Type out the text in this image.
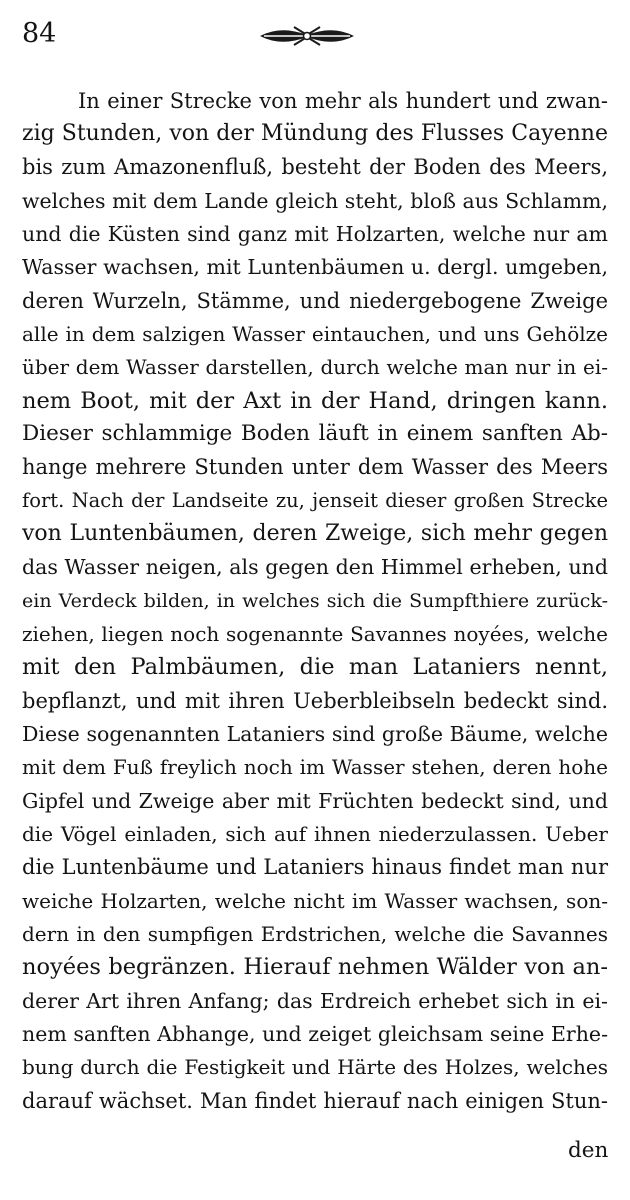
84
In einer Strecke von mehr als hundert und zwan-
zig Stunden, von der Mündung des Flusses Cayenne
bis zum Amazonenfluß, besteht der Boden des Meers,
welches mit dem Lande gleich steht, bloß aus Schlamm,
und die Küsten sind ganz mit Holzarten, welche nur am
Wasser wachsen, mit Luntenbäumen u. dergl. umgeben,
deren Wurzeln, Stämme, und niedergebogene Zweige
alle in dem salzigen Wasser eintauchen, und uns Gehölze
über dem Wasser darstellen, durch welche man nur in ei-
nem Boot, mit der Axt in der Hand, dringen kann.
Dieser schlammige Boden läuft in einem sanften Ab-
hange mehrere Stunden unter dem Wasser des Meers
fort. Nach der Landseite zu, jenseit dieser großen Strecke
von Luntenbäumen, deren Zweige, sich mehr gegen
das Wasser neigen, als gegen den Himmel erheben, und
ein Verdeck bilden, in welches sich die Sumpfthiere zurück-
ziehen, liegen noch sogenannte Savannes noyées, welche
mit den Palmbäumen, die man Lataniers nennt,
bepflanzt, und mit ihren Ueberbleibseln bedeckt sind.
Diese sogenannten Lataniers sind große Bäume, welche
mit dem Fuß freylich noch im Wasser stehen, deren hohe
Gipfel und Zweige aber mit Früchten bedeckt sind, und
die Vögel einladen, sich auf ihnen niederzulassen. Ueber
die Luntenbäume und Lataniers hinaus findet man nur
weiche Holzarten, welche nicht im Wasser wachsen, son-
dern in den sumpfigen Erdstrichen, welche die Savannes
noyées begränzen. Hierauf nehmen Wälder von an-
derer Art ihren Anfang; das Erdreich erhebet sich in ei-
nem sanften Abhange, und zeiget gleichsam seine Erhe-
bung durch die Festigkeit und Härte des Holzes, welches
darauf wächset. Man findet hierauf nach einigen Stun-
den
